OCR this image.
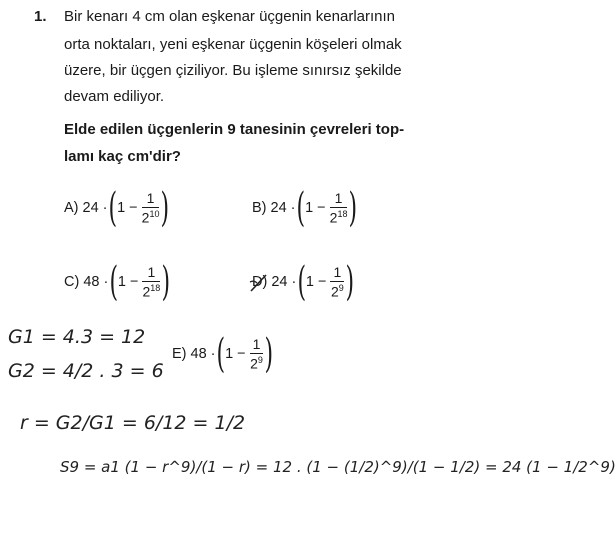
1. Bir kenarı 4 cm olan eşkenar üçgenin kenarlarının
orta noktaları, yeni eşkenar üçgenin köşeleri olmak
üzere, bir üçgen çiziliyor. Bu işleme sınırsız şekilde
devam ediliyor.
Elde edilen üçgenlerin 9 tanesinin çevreleri top-
lamı kaç cm'dir?
A) 24 · ( $1 - \frac{1}{2^{10}}$ )	B) 24 · ( $1 - \frac{1}{2^{18}}$ )
C) 48 · ( $1 - \frac{1}{2^{18}}$ )	D) 24 · ( $1 - \frac{1}{2^9}$ )
E) 48 · ( $1 - \frac{1}{2^9}$ )
G1 = 4.3 = 12
G2 = 4/2 . 3 = 6
r = G2/G1 = 6/12 = 1/2
S9 = a1 (1 − r^9)/(1 − r) = 12 . (1 − (1/2)^9)/(1 − 1/2) = 24 (1 − 1/2^9)
